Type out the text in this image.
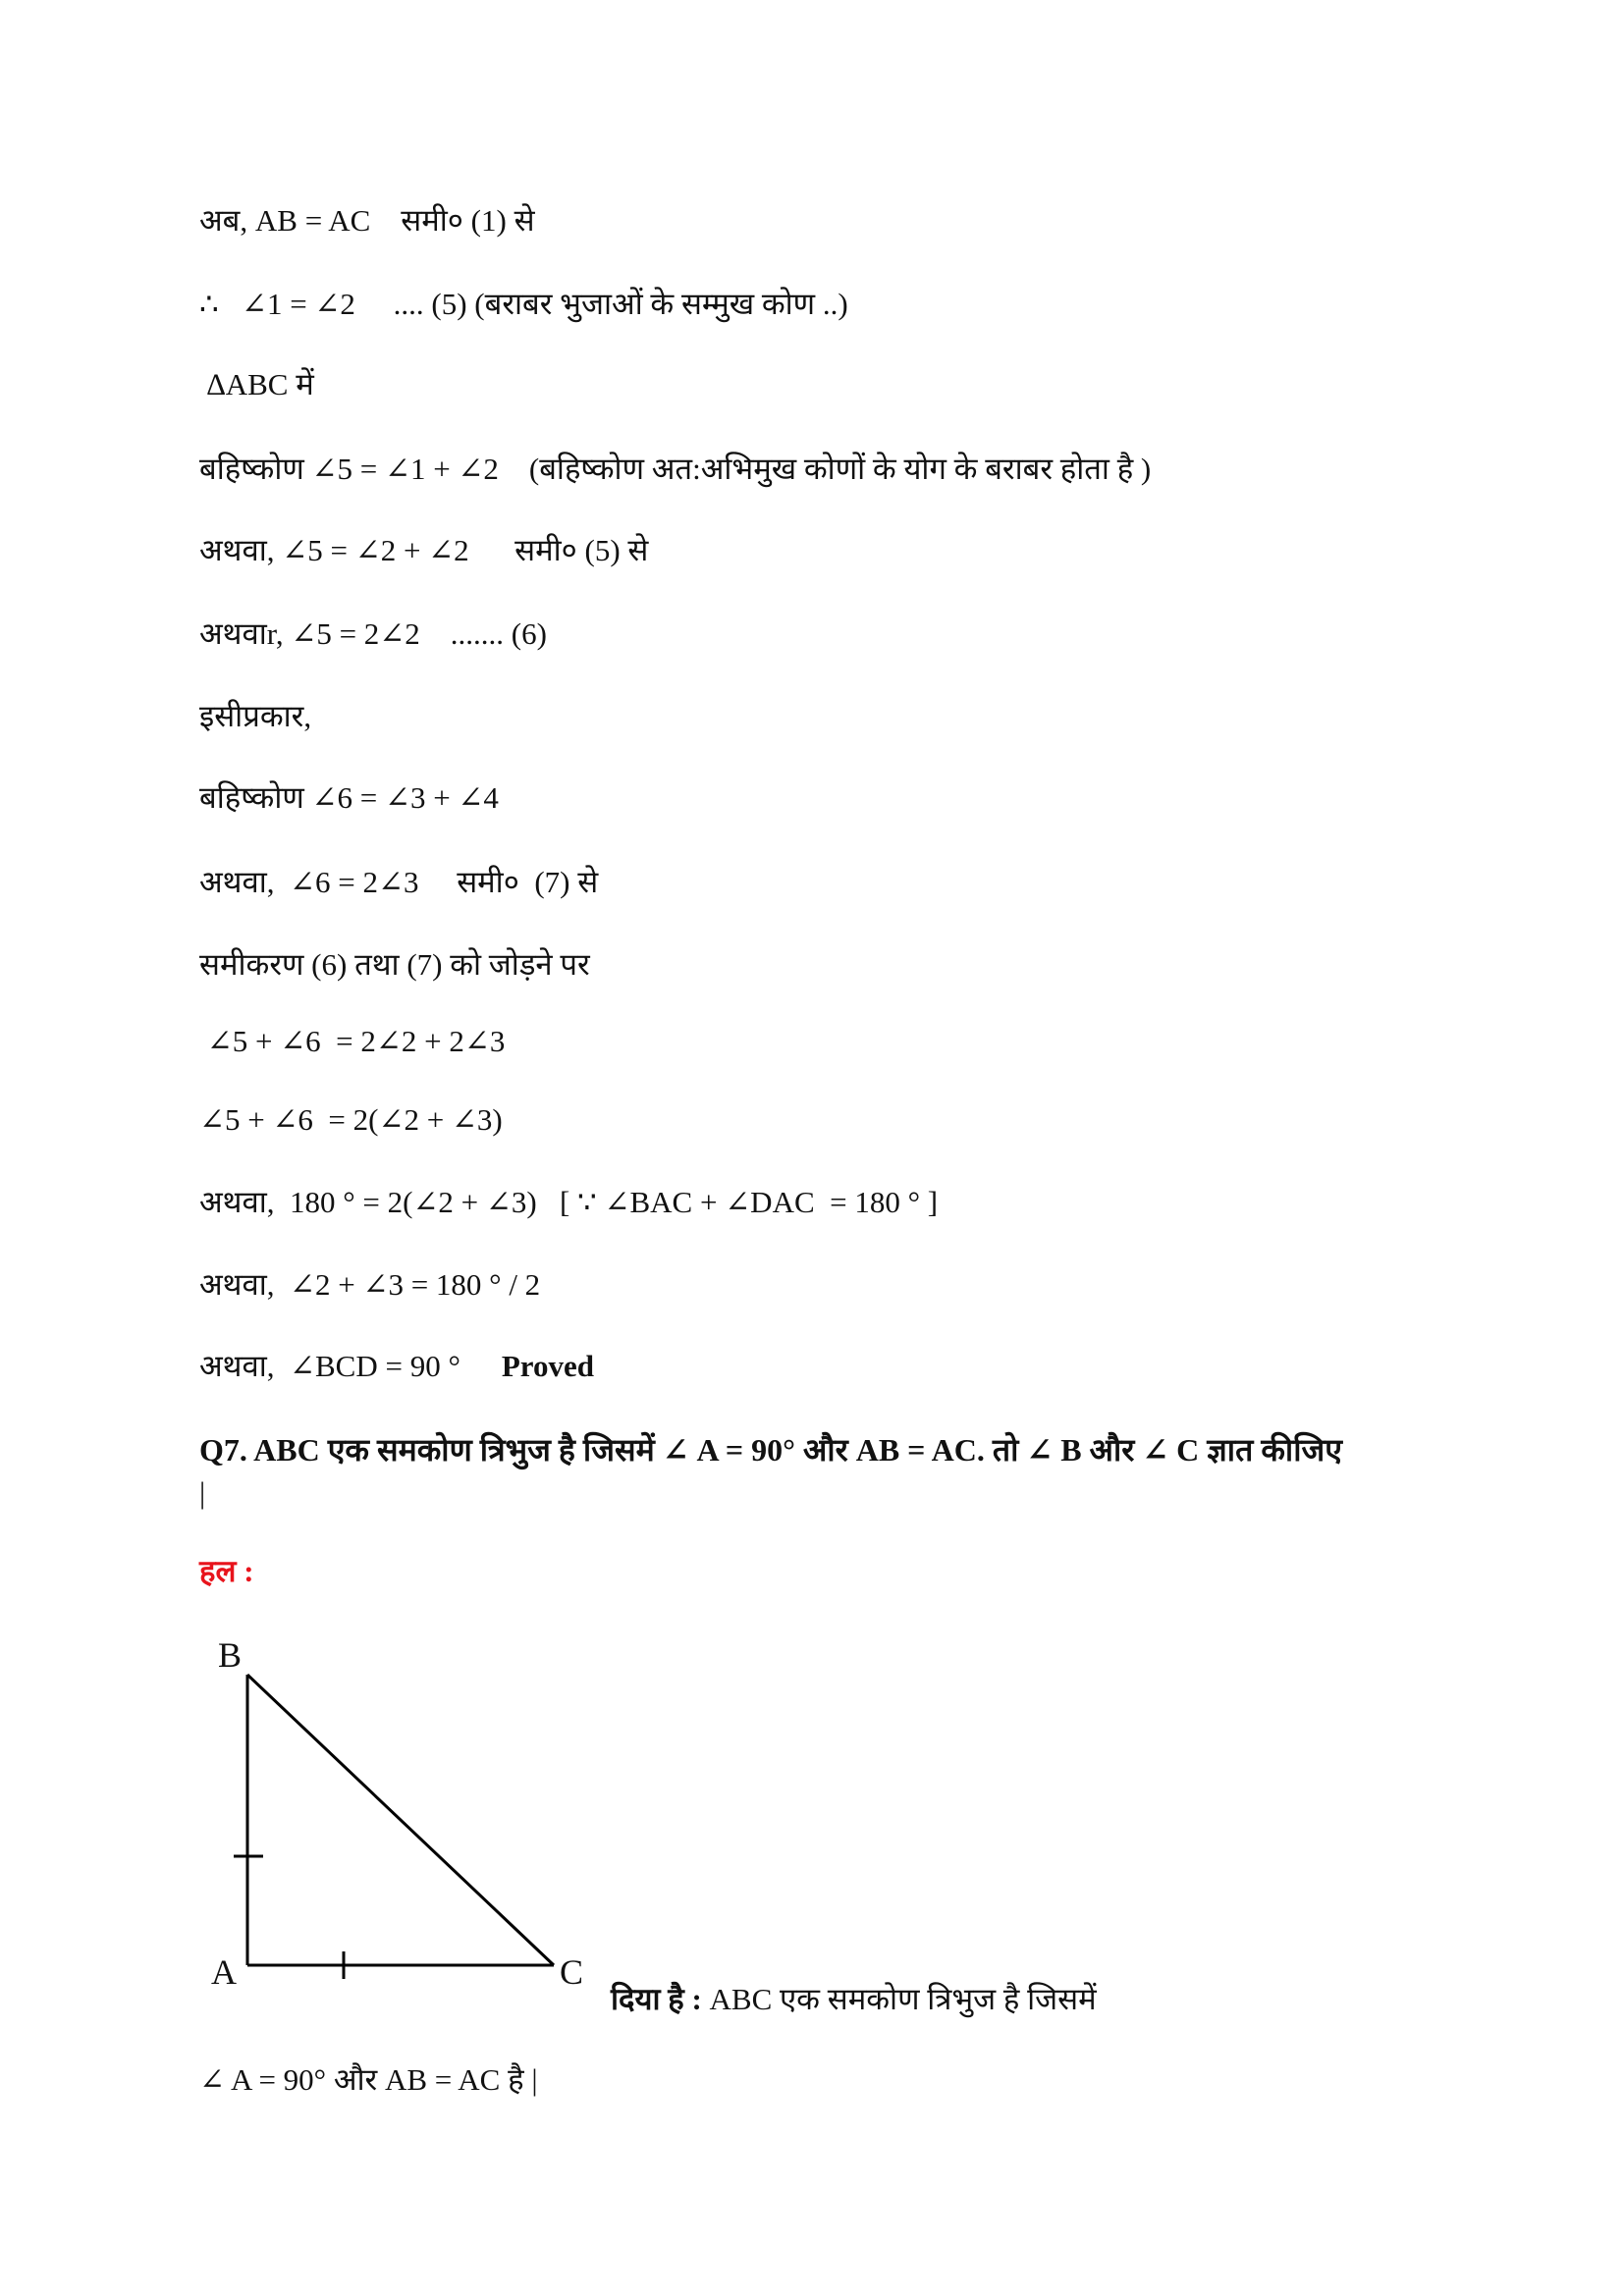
अब, AB = AC    समी० (1) से
∴   ∠1 = ∠2     .... (5) (बराबर भुजाओं के सम्मुख कोण ..)
∆ABC में
बहिष्कोण ∠5 = ∠1 + ∠2    (बहिष्कोण अत:अभिमुख कोणों के योग के बराबर होता है )
अथवा, ∠5 = ∠2 + ∠2      समी० (5) से
अथवाr, ∠5 = 2∠2    ....... (6)
इसीप्रकार,
बहिष्कोण ∠6 = ∠3 + ∠4
अथवा,  ∠6 = 2∠3     समी०  (7) से
समीकरण (6) तथा (7) को जोड़ने पर
∠5 + ∠6  = 2∠2 + 2∠3
∠5 + ∠6  = 2(∠2 + ∠3)
अथवा,  180 ° = 2(∠2 + ∠3)   [ ∵ ∠BAC + ∠DAC  = 180 ° ]
अथवा,  ∠2 + ∠3 = 180 ° / 2
अथवा,  ∠BCD = 90 ° Proved
Q7. ABC एक समकोण त्रिभुज है जिसमें ∠ A = 90° और AB = AC. तो ∠ B और ∠ C ज्ञात कीजिए
|
हल :
B
A	C
दिया है : ABC एक समकोण त्रिभुज है जिसमें
∠ A = 90° और AB = AC है |
